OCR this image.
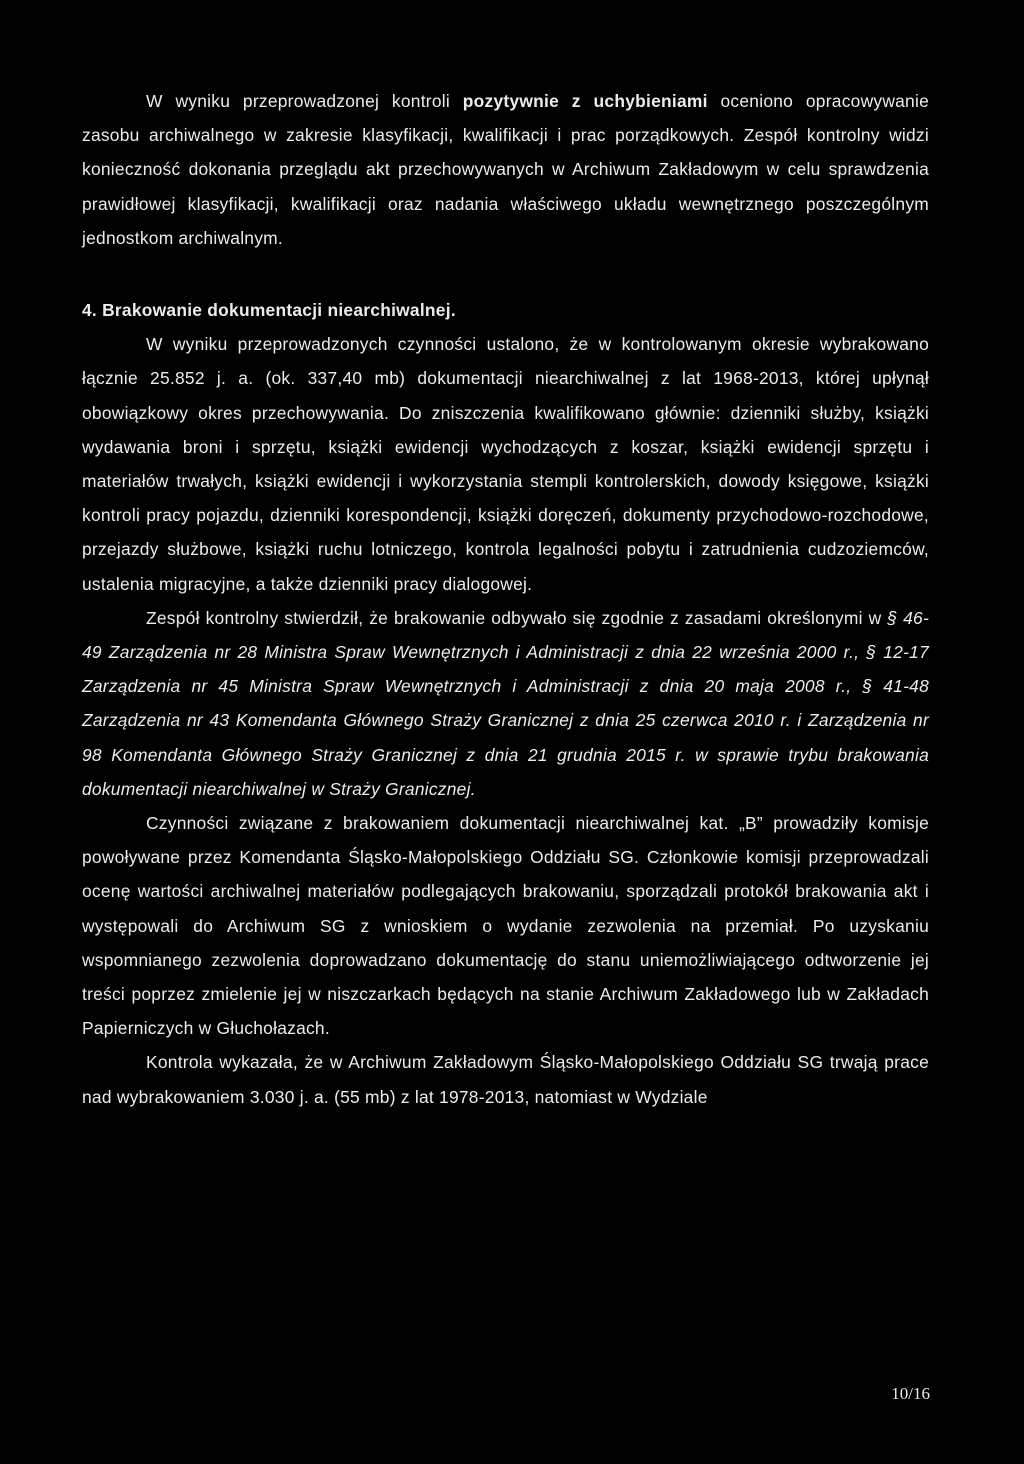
W wyniku przeprowadzonej kontroli pozytywnie z uchybieniami oceniono opracowywanie zasobu archiwalnego w zakresie klasyfikacji, kwalifikacji i prac porządkowych. Zespół kontrolny widzi konieczność dokonania przeglądu akt przechowywanych w Archiwum Zakładowym w celu sprawdzenia prawidłowej klasyfikacji, kwalifikacji oraz nadania właściwego układu wewnętrznego poszczególnym jednostkom archiwalnym.

4. Brakowanie dokumentacji niearchiwalnej.

W wyniku przeprowadzonych czynności ustalono, że w kontrolowanym okresie wybrakowano łącznie 25.852 j. a. (ok. 337,40 mb) dokumentacji niearchiwalnej z lat 1968-2013, której upłynął obowiązkowy okres przechowywania. Do zniszczenia kwalifikowano głównie: dzienniki służby, książki wydawania broni i sprzętu, książki ewidencji wychodzących z koszar, książki ewidencji sprzętu i materiałów trwałych, książki ewidencji i wykorzystania stempli kontrolerskich, dowody księgowe, książki kontroli pracy pojazdu, dzienniki korespondencji, książki doręczeń, dokumenty przychodowo-rozchodowe, przejazdy służbowe, książki ruchu lotniczego, kontrola legalności pobytu i zatrudnienia cudzoziemców, ustalenia migracyjne, a także dzienniki pracy dialogowej.

Zespół kontrolny stwierdził, że brakowanie odbywało się zgodnie z zasadami określonymi w § 46-49 Zarządzenia nr 28 Ministra Spraw Wewnętrznych i Administracji z dnia 22 września 2000 r., § 12-17 Zarządzenia nr 45 Ministra Spraw Wewnętrznych i Administracji z dnia 20 maja 2008 r., § 41-48 Zarządzenia nr 43 Komendanta Głównego Straży Granicznej z dnia 25 czerwca 2010 r. i Zarządzenia nr 98 Komendanta Głównego Straży Granicznej z dnia 21 grudnia 2015 r. w sprawie trybu brakowania dokumentacji niearchiwalnej w Straży Granicznej.

Czynności związane z brakowaniem dokumentacji niearchiwalnej kat. „B” prowadziły komisje powoływane przez Komendanta Śląsko-Małopolskiego Oddziału SG. Członkowie komisji przeprowadzali ocenę wartości archiwalnej materiałów podlegających brakowaniu, sporządzali protokół brakowania akt i występowali do Archiwum SG z wnioskiem o wydanie zezwolenia na przemiał. Po uzyskaniu wspomnianego zezwolenia doprowadzano dokumentację do stanu uniemożliwiającego odtworzenie jej treści poprzez zmielenie jej w niszczarkach będących na stanie Archiwum Zakładowego lub w Zakładach Papierniczych w Głuchołazach.

Kontrola wykazała, że w Archiwum Zakładowym Śląsko-Małopolskiego Oddziału SG trwają prace nad wybrakowaniem 3.030 j. a. (55 mb) z lat 1978-2013, natomiast w Wydziale

10/16
